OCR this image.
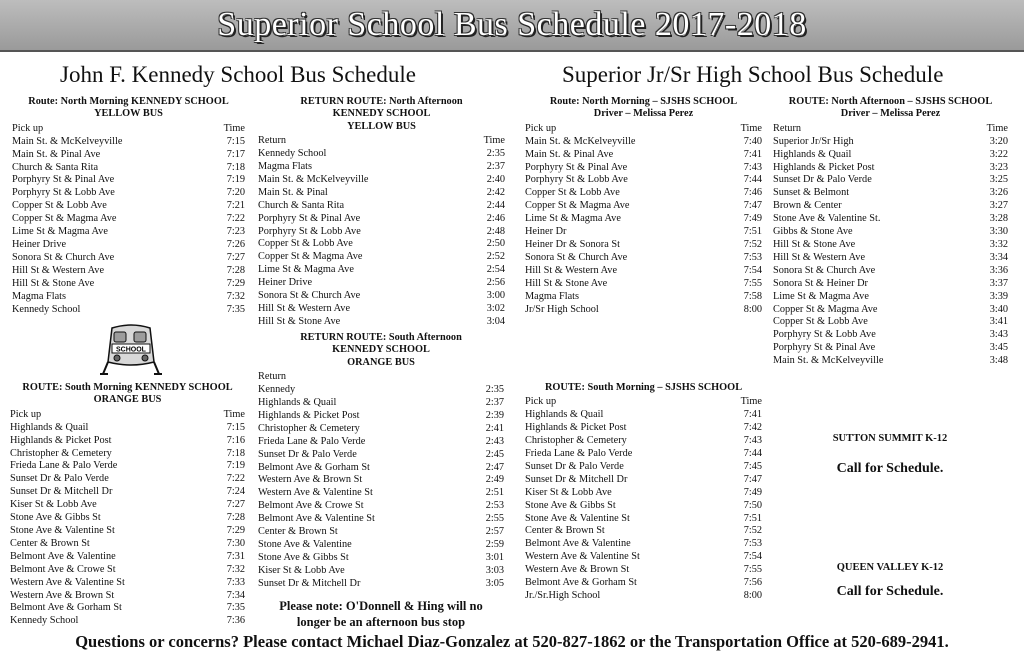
Superior School Bus Schedule 2017-2018
John F. Kennedy School Bus Schedule	Superior Jr/Sr High School Bus Schedule
Route: North Morning KENNEDY SCHOOL
YELLOW BUS
Pick up	Time
Main St. & McKelveyville	7:15
Main St. & Pinal Ave	7:17
Church & Santa Rita	7:18
Porphyry St & Pinal Ave	7:19
Porphyry St & Lobb Ave	7:20
Copper St & Lobb Ave	7:21
Copper St & Magma Ave	7:22
Lime St & Magma Ave	7:23
Heiner Drive	7:26
Sonora St & Church Ave	7:27
Hill St & Western Ave	7:28
Hill St & Stone Ave	7:29
Magma Flats	7:32
Kennedy School	7:35
RETURN ROUTE: North Afternoon
KENNEDY SCHOOL
YELLOW BUS
Return	Time
Kennedy School	2:35
Magma Flats	2:37
Main St. & McKelveyville	2:40
Main St. & Pinal	2:42
Church & Santa Rita	2:44
Porphyry St & Pinal Ave	2:46
Porphyry St & Lobb Ave	2:48
Copper St & Lobb Ave	2:50
Copper St & Magma Ave	2:52
Lime St & Magma Ave	2:54
Heiner Drive	2:56
Sonora St & Church Ave	3:00
Hill St & Western Ave	3:02
Hill St & Stone Ave	3:04
ROUTE: South Morning KENNEDY SCHOOL
ORANGE BUS
Pick up	Time
Highlands & Quail	7:15
Highlands & Picket Post	7:16
Christopher & Cemetery	7:18
Frieda Lane & Palo Verde	7:19
Sunset Dr & Palo Verde	7:22
Sunset Dr & Mitchell Dr	7:24
Kiser St & Lobb Ave	7:27
Stone Ave & Gibbs St	7:28
Stone Ave & Valentine St	7:29
Center & Brown St	7:30
Belmont Ave & Valentine	7:31
Belmont Ave & Crowe St	7:32
Western Ave & Valentine St	7:33
Western Ave & Brown St	7:34
Belmont Ave & Gorham St	7:35
Kennedy School	7:36
RETURN ROUTE: South Afternoon
KENNEDY SCHOOL
ORANGE BUS
Return
Kennedy	2:35
Highlands & Quail	2:37
Highlands & Picket Post	2:39
Christopher & Cemetery	2:41
Frieda Lane & Palo Verde	2:43
Sunset Dr & Palo Verde	2:45
Belmont Ave & Gorham St	2:47
Western Ave & Brown St	2:49
Western Ave & Valentine St	2:51
Belmont Ave & Crowe St	2:53
Belmont Ave & Valentine St	2:55
Center & Brown St	2:57
Stone Ave & Valentine	2:59
Stone Ave & Gibbs St	3:01
Kiser St & Lobb Ave	3:03
Sunset Dr & Mitchell Dr	3:05
Route: North Morning – SJSHS SCHOOL
Driver – Melissa Perez
Pick up	Time
Main St. & McKelveyville	7:40
Main St. & Pinal Ave	7:41
Porphyry St & Pinal Ave	7:43
Porphyry St & Lobb Ave	7:44
Copper St & Lobb Ave	7:46
Copper St & Magma Ave	7:47
Lime St & Magma Ave	7:49
Heiner Dr	7:51
Heiner Dr & Sonora St	7:52
Sonora St & Church Ave	7:53
Hill St & Western Ave	7:54
Hill St & Stone Ave	7:55
Magma Flats	7:58
Jr/Sr High School	8:00
ROUTE: North Afternoon – SJSHS SCHOOL
Driver – Melissa Perez
Return	Time
Superior Jr/Sr High	3:20
Highlands & Quail	3:22
Highlands & Picket Post	3:23
Sunset Dr & Palo Verde	3:25
Sunset & Belmont	3:26
Brown & Center	3:27
Stone Ave & Valentine St.	3:28
Gibbs & Stone Ave	3:30
Hill St & Stone Ave	3:32
Hill St & Western Ave	3:34
Sonora St & Church Ave	3:36
Sonora St & Heiner Dr	3:37
Lime St & Magma Ave	3:39
Copper St & Magma Ave	3:40
Copper St & Lobb Ave	3:41
Porphyry St & Lobb Ave	3:43
Porphyry St & Pinal Ave	3:45
Main St. & McKelveyville	3:48
ROUTE: South Morning – SJSHS SCHOOL
Pick up	Time
Highlands & Quail	7:41
Highlands & Picket Post	7:42
Christopher & Cemetery	7:43
Frieda Lane & Palo Verde	7:44
Sunset Dr & Palo Verde	7:45
Sunset Dr & Mitchell Dr	7:47
Kiser St & Lobb Ave	7:49
Stone Ave & Gibbs St	7:50
Stone Ave & Valentine St	7:51
Center & Brown St	7:52
Belmont Ave & Valentine	7:53
Western Ave & Valentine St	7:54
Western Ave & Brown St	7:55
Belmont Ave & Gorham St	7:56
Jr./Sr.High School	8:00
Please note: O'Donnell & Hing will no longer be an afternoon bus stop
SUTTON SUMMIT K-12
Call for Schedule.
QUEEN VALLEY K-12
Call for Schedule.
SCHOOL
Questions or concerns? Please contact Michael Diaz-Gonzalez at 520-827-1862 or the Transportation Office at 520-689-2941.
